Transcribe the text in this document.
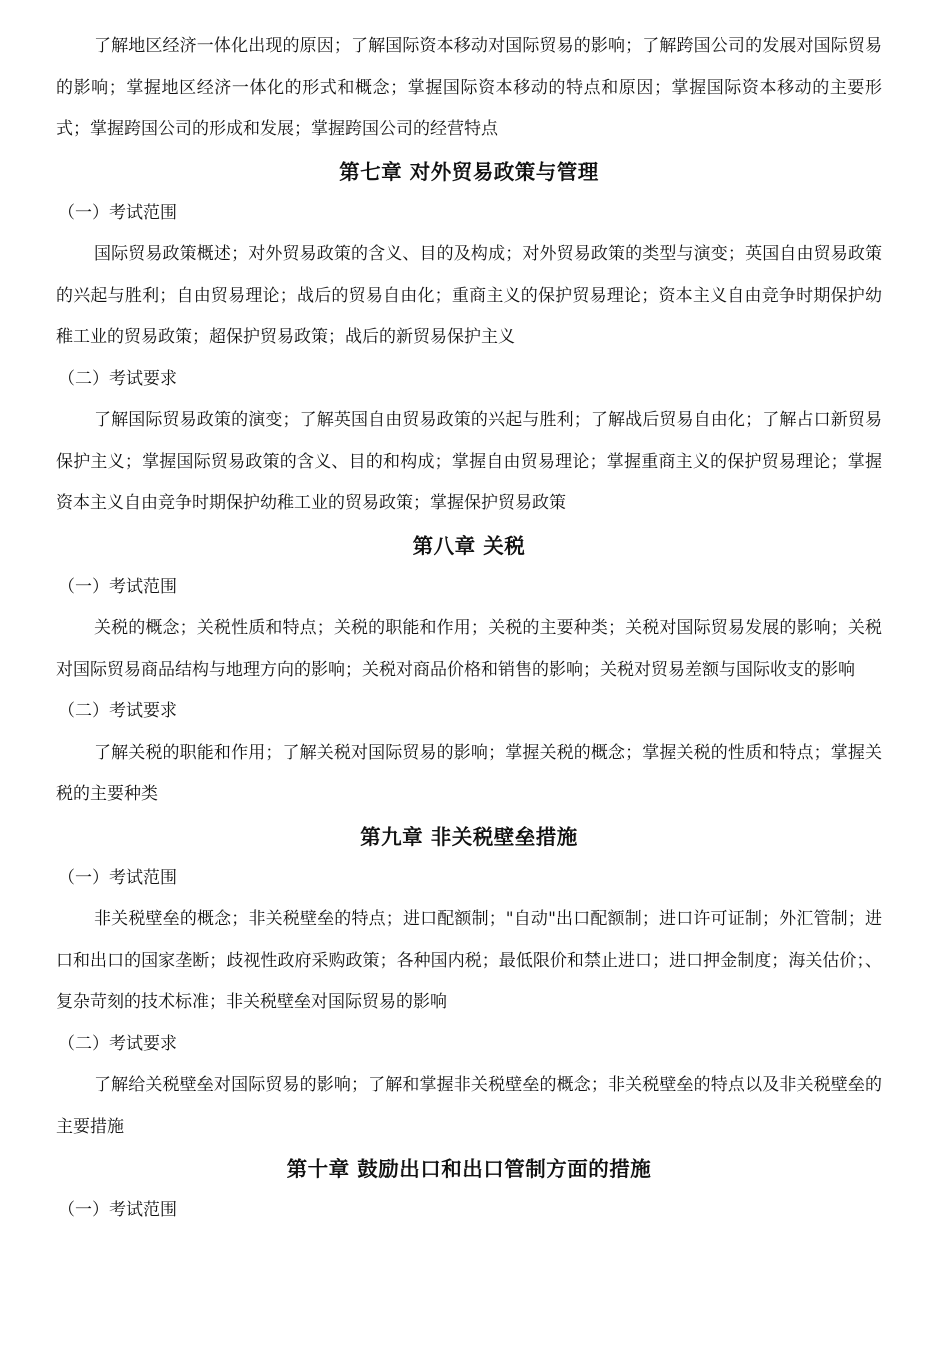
了解地区经济一体化出现的原因；了解国际资本移动对国际贸易的影响；了解跨国公司的发展对国际贸易的影响；掌握地区经济一体化的形式和概念；掌握国际资本移动的特点和原因；掌握国际资本移动的主要形式；掌握跨国公司的形成和发展；掌握跨国公司的经营特点

第七章 对外贸易政策与管理

（一）考试范围

国际贸易政策概述；对外贸易政策的含义、目的及构成；对外贸易政策的类型与演变；英国自由贸易政策的兴起与胜利；自由贸易理论；战后的贸易自由化；重商主义的保护贸易理论；资本主义自由竞争时期保护幼稚工业的贸易政策；超保护贸易政策；战后的新贸易保护主义

（二）考试要求

了解国际贸易政策的演变；了解英国自由贸易政策的兴起与胜利；了解战后贸易自由化；了解占口新贸易保护主义；掌握国际贸易政策的含义、目的和构成；掌握自由贸易理论；掌握重商主义的保护贸易理论；掌握资本主义自由竞争时期保护幼稚工业的贸易政策；掌握保护贸易政策

第八章 关税

（一）考试范围

关税的概念；关税性质和特点；关税的职能和作用；关税的主要种类；关税对国际贸易发展的影响；关税对国际贸易商品结构与地理方向的影响；关税对商品价格和销售的影响；关税对贸易差额与国际收支的影响

（二）考试要求

了解关税的职能和作用；了解关税对国际贸易的影响；掌握关税的概念；掌握关税的性质和特点；掌握关税的主要种类

第九章 非关税壁垒措施

（一）考试范围

非关税壁垒的概念；非关税壁垒的特点；进口配额制；"自动"出口配额制；进口许可证制；外汇管制；进口和出口的国家垄断；歧视性政府采购政策；各种国内税；最低限价和禁止进口；进口押金制度；海关估价；、复杂苛刻的技术标准；非关税壁垒对国际贸易的影响

（二）考试要求

了解给关税壁垒对国际贸易的影响；了解和掌握非关税壁垒的概念；非关税壁垒的特点以及非关税壁垒的主要措施

第十章 鼓励出口和出口管制方面的措施

（一）考试范围
